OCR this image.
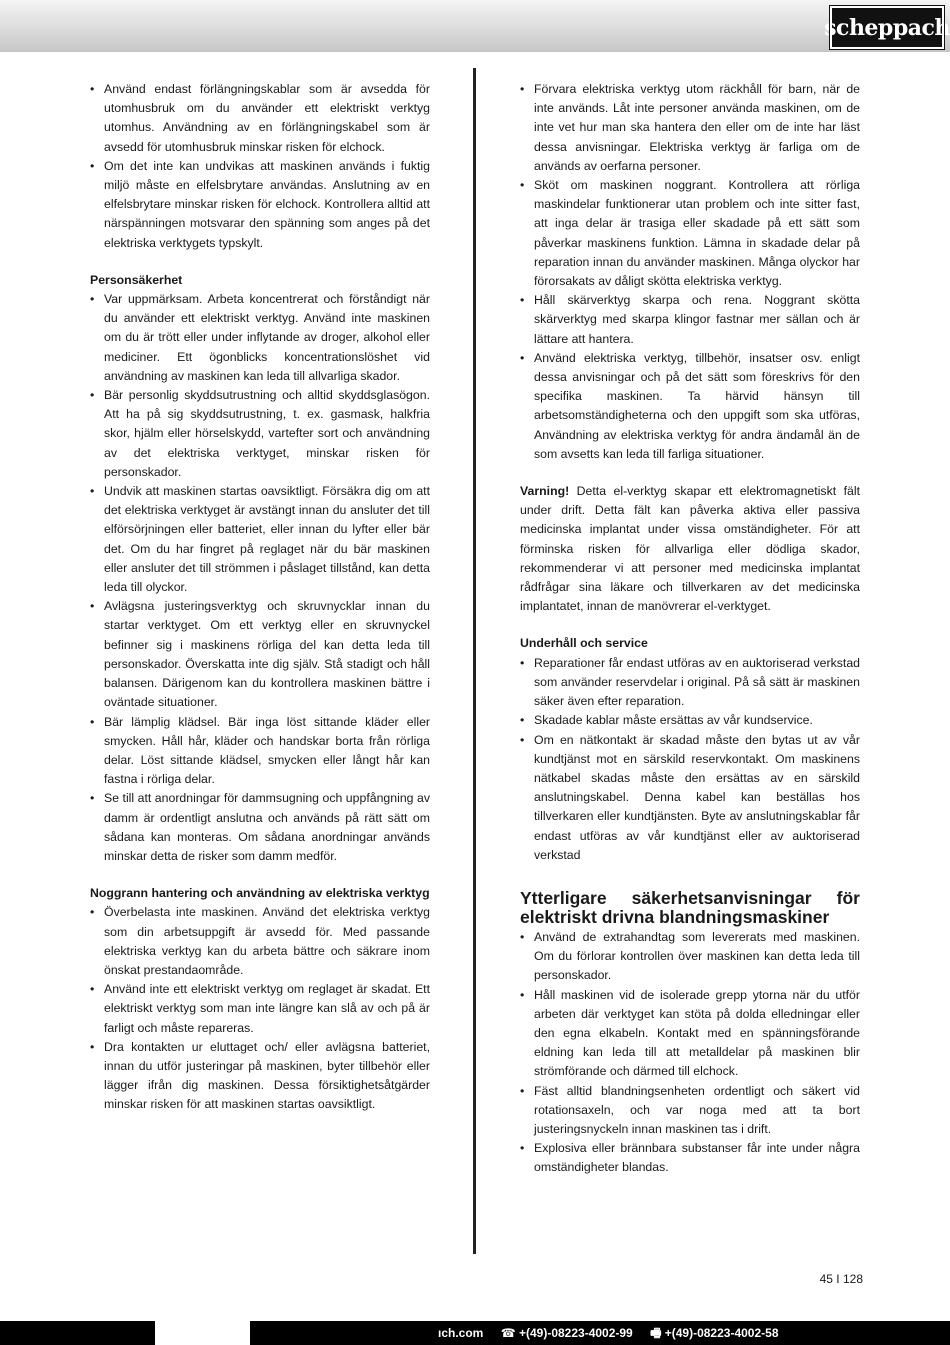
scheppach
• Använd endast förlängningskablar som är avsedda för utomhusbruk om du använder ett elektriskt verktyg utomhus. Användning av en förlängningskabel som är avsedd för utomhusbruk minskar risken för elchock.
• Om det inte kan undvikas att maskinen används i fuktig miljö måste en elfelsbrytare användas. Anslutning av en elfelsbrytare minskar risken för elchock. Kontrollera alltid att närspänningen motsvarar den spänning som anges på det elektriska verktygets typskylt.
Personsäkerhet
• Var uppmärksam. Arbeta koncentrerat och förståndigt när du använder ett elektriskt verktyg. Använd inte maskinen om du är trött eller under inflytande av droger, alkohol eller mediciner. Ett ögonblicks koncentrationslöshet vid användning av maskinen kan leda till allvarliga skador.
• Bär personlig skyddsutrustning och alltid skyddsglasögon. Att ha på sig skyddsutrustning, t. ex. gasmask, halkfria skor, hjälm eller hörselskydd, vartefter sort och användning av det elektriska verktyget, minskar risken för personskador.
• Undvik att maskinen startas oavsiktligt. Försäkra dig om att det elektriska verktyget är avstängt innan du ansluter det till elförsörjningen eller batteriet, eller innan du lyfter eller bär det. Om du har fingret på reglaget när du bär maskinen eller ansluter det till strömmen i påslaget tillstånd, kan detta leda till olyckor.
• Avlägsna justeringsverktyg och skruvnycklar innan du startar verktyget. Om ett verktyg eller en skruvnyckel befinner sig i maskinens rörliga del kan detta leda till personskador. Överskatta inte dig själv. Stå stadigt och håll balansen. Därigenom kan du kontrollera maskinen bättre i oväntade situationer.
• Bär lämplig klädsel. Bär inga löst sittande kläder eller smycken. Håll hår, kläder och handskar borta från rörliga delar. Löst sittande klädsel, smycken eller långt hår kan fastna i rörliga delar.
• Se till att anordningar för dammsugning och uppfångning av damm är ordentligt anslutna och används på rätt sätt om sådana kan monteras. Om sådana anordningar används minskar detta de risker som damm medför.
Noggrann hantering och användning av elektriska verktyg
• Överbelasta inte maskinen. Använd det elektriska verktyg som din arbetsuppgift är avsedd för. Med passande elektriska verktyg kan du arbeta bättre och säkrare inom önskat prestandaområde.
• Använd inte ett elektriskt verktyg om reglaget är skadat. Ett elektriskt verktyg som man inte längre kan slå av och på är farligt och måste repareras.
• Dra kontakten ur eluttaget och/ eller avlägsna batteriet, innan du utför justeringar på maskinen, byter tillbehör eller lägger ifrån dig maskinen. Dessa försiktighetsåtgärder minskar risken för att maskinen startas oavsiktligt.
• Förvara elektriska verktyg utom räckhåll för barn, när de inte används. Låt inte personer använda maskinen, om de inte vet hur man ska hantera den eller om de inte har läst dessa anvisningar. Elektriska verktyg är farliga om de används av oerfarna personer.
• Sköt om maskinen noggrant. Kontrollera att rörliga maskindelar funktionerar utan problem och inte sitter fast, att inga delar är trasiga eller skadade på ett sätt som påverkar maskinens funktion. Lämna in skadade delar på reparation innan du använder maskinen. Många olyckor har förorsakats av dåligt skötta elektriska verktyg.
• Håll skärverktyg skarpa och rena. Noggrant skötta skärverktyg med skarpa klingor fastnar mer sällan och är lättare att hantera.
• Använd elektriska verktyg, tillbehör, insatser osv. enligt dessa anvisningar och på det sätt som föreskrivs för den specifika maskinen. Ta härvid hänsyn till arbetsomständigheterna och den uppgift som ska utföras, Användning av elektriska verktyg för andra ändamål än de som avsetts kan leda till farliga situationer.

Varning! Detta el-verktyg skapar ett elektromagnetiskt fält under drift. Detta fält kan påverka aktiva eller passiva medicinska implantat under vissa omständigheter. För att förminska risken för allvarliga eller dödliga skador, rekommenderar vi att personer med medicinska implantat rådfrågar sina läkare och tillverkaren av det medicinska implantatet, innan de manövrerar el-verktyget.

Underhåll och service
• Reparationer får endast utföras av en auktoriserad verkstad som använder reservdelar i original. På så sätt är maskinen säker även efter reparation.
• Skadade kablar måste ersättas av vår kundservice.
• Om en nätkontakt är skadad måste den bytas ut av vår kundtjänst mot en särskild reservkontakt. Om maskinens nätkabel skadas måste den ersättas av en särskild anslutningskabel. Denna kabel kan beställas hos tillverkaren eller kundtjänsten. Byte av anslutningskablar får endast utföras av vår kundtjänst eller av auktoriserad verkstad
Ytterligare säkerhetsanvisningar för elektriskt drivna blandningsmaskiner
• Använd de extrahandtag som levererats med maskinen. Om du förlorar kontrollen över maskinen kan detta leda till personskador.
• Håll maskinen vid de isolerade grepp ytorna när du utför arbeten där verktyget kan stöta på dolda elledningar eller den egna elkabeln. Kontakt med en spänningsförande eldning kan leda till att metalldelar på maskinen blir strömförande och därmed till elchock.
• Fäst alltid blandningsenheten ordentligt och säkert vid rotationsaxeln, och var noga med att ta bort justeringsnyckeln innan maskinen tas i drift.
• Explosiva eller brännbara substanser får inte under några omständigheter blandas.
45 I 128
ıch.com ☎ +(49)-08223-4002-99 🖷 +(49)-08223-4002-58
